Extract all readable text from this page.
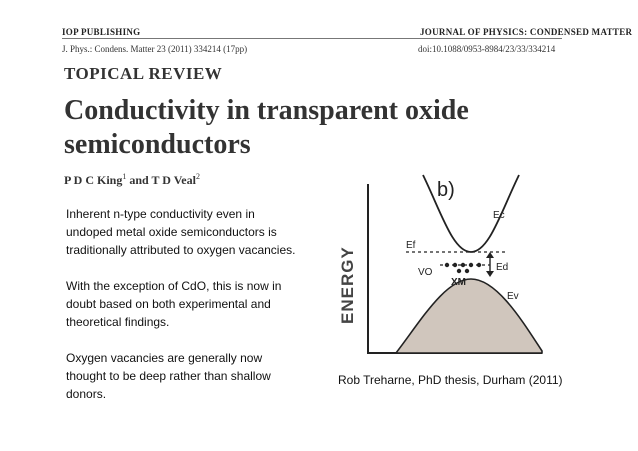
IOP PUBLISHING	JOURNAL OF PHYSICS: CONDENSED MATTER
J. Phys.: Condens. Matter 23 (2011) 334214 (17pp)	doi:10.1088/0953-8984/23/33/334214
TOPICAL REVIEW
Conductivity in transparent oxide semiconductors
P D C King$^1$ and T D Veal$^2$

Inherent n-type conductivity even in undoped metal oxide semiconductors is traditionally attributed to oxygen vacancies.

With the exception of CdO, this is now in doubt based on both experimental and theoretical findings.

Oxygen vacancies are generally now thought to be deep rather than shallow donors.

b)
ENERGY
Ec
Ef
Ed
Ev
VO
XM
Rob Treharne, PhD thesis, Durham (2011)
